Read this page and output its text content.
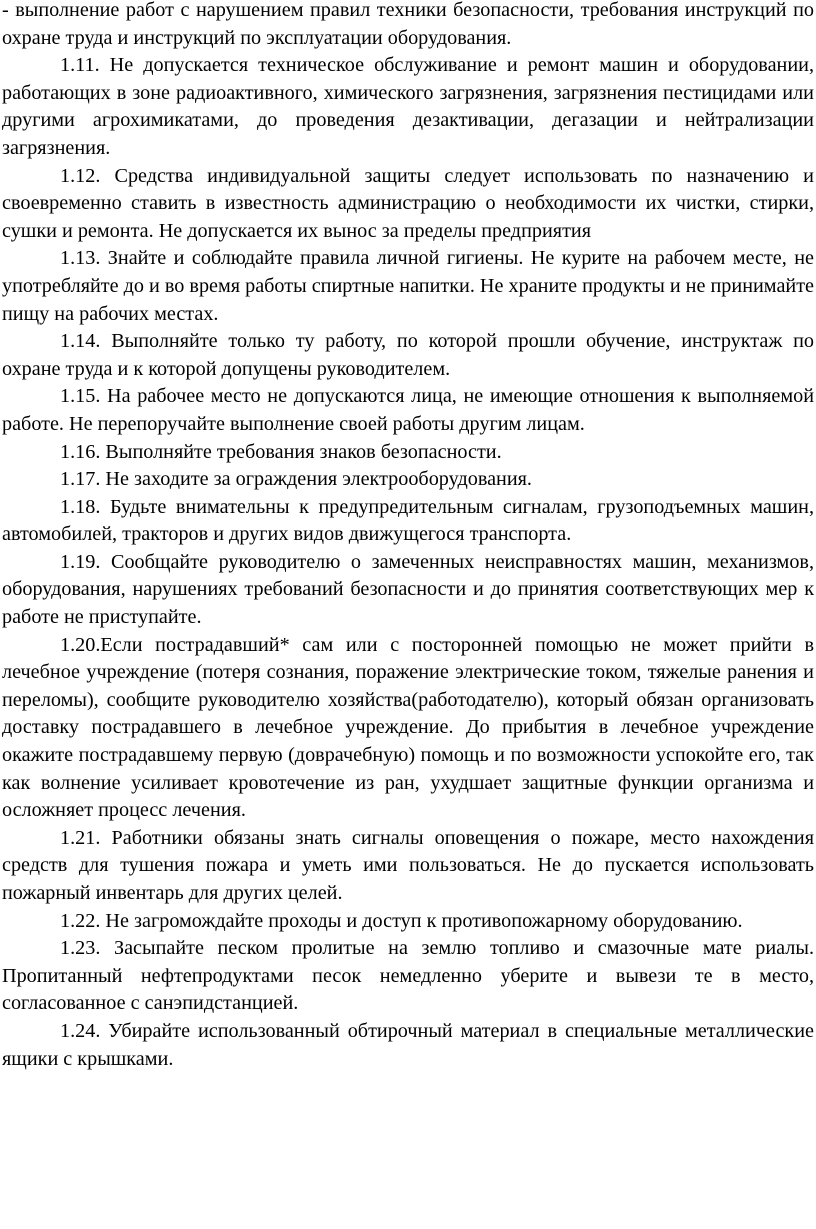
- выполнение работ с нарушением правил техники безопасности, требования инструкций по охране труда и инструкций по эксплуатации оборудования.

1.11. Не допускается техническое обслуживание и ремонт машин и оборудовании, работающих в зоне радиоактивного, химического загрязнения, загрязнения пестицидами или другими агрохимикатами, до проведения дезактивации, дегазации и нейтрализации загрязнения.

1.12. Средства индивидуальной защиты следует использовать по назначению и своевременно ставить в известность администрацию о необходимости их чистки, стирки, сушки и ремонта. Не допускается их вынос за пределы предприятия

1.13. Знайте и соблюдайте правила личной гигиены. Не курите на рабочем месте, не употребляйте до и во время работы спиртные напитки. Не храните продукты и не принимайте пищу на рабочих местах.

1.14. Выполняйте только ту работу, по которой прошли обучение, инструктаж по охране труда и к которой допущены руководителем.

1.15. На рабочее место не допускаются лица, не имеющие отношения к выполняемой работе. Не перепоручайте выполнение своей работы другим лицам.

1.16. Выполняйте требования знаков безопасности.

1.17. Не заходите за ограждения электрооборудования.

1.18. Будьте внимательны к предупредительным сигналам, грузоподъемных машин, автомобилей, тракторов и других видов движущегося транспорта.

1.19. Сообщайте руководителю о замеченных неисправностях машин, механизмов, оборудования, нарушениях требований безопасности и до принятия соответствующих мер к работе не приступайте.

1.20.Если пострадавший* сам или с посторонней помощью не может прийти в лечебное учреждение (потеря сознания, поражение электрические током, тяжелые ранения и переломы), сообщите руководителю хозяйства(работодателю), который обязан организовать доставку пострадавшего в лечебное учреждение. До прибытия в лечебное учреждение окажите пострадавшему первую (доврачебную) помощь и по возможности успокойте его, так как волнение усиливает кровотечение из ран, ухудшает защитные функции организма и осложняет процесс лечения.

1.21. Работники обязаны знать сигналы оповещения о пожаре, место нахождения средств для тушения пожара и уметь ими пользоваться. Не до пускается использовать пожарный инвентарь для других целей.

1.22. Не загромождайте проходы и доступ к противопожарному оборудованию.

1.23. Засыпайте песком пролитые на землю топливо и смазочные мате риалы. Пропитанный нефтепродуктами песок немедленно уберите и вывези те в место, согласованное с санэпидстанцией.

1.24. Убирайте использованный обтирочный материал в специальные металлические ящики с крышками.
